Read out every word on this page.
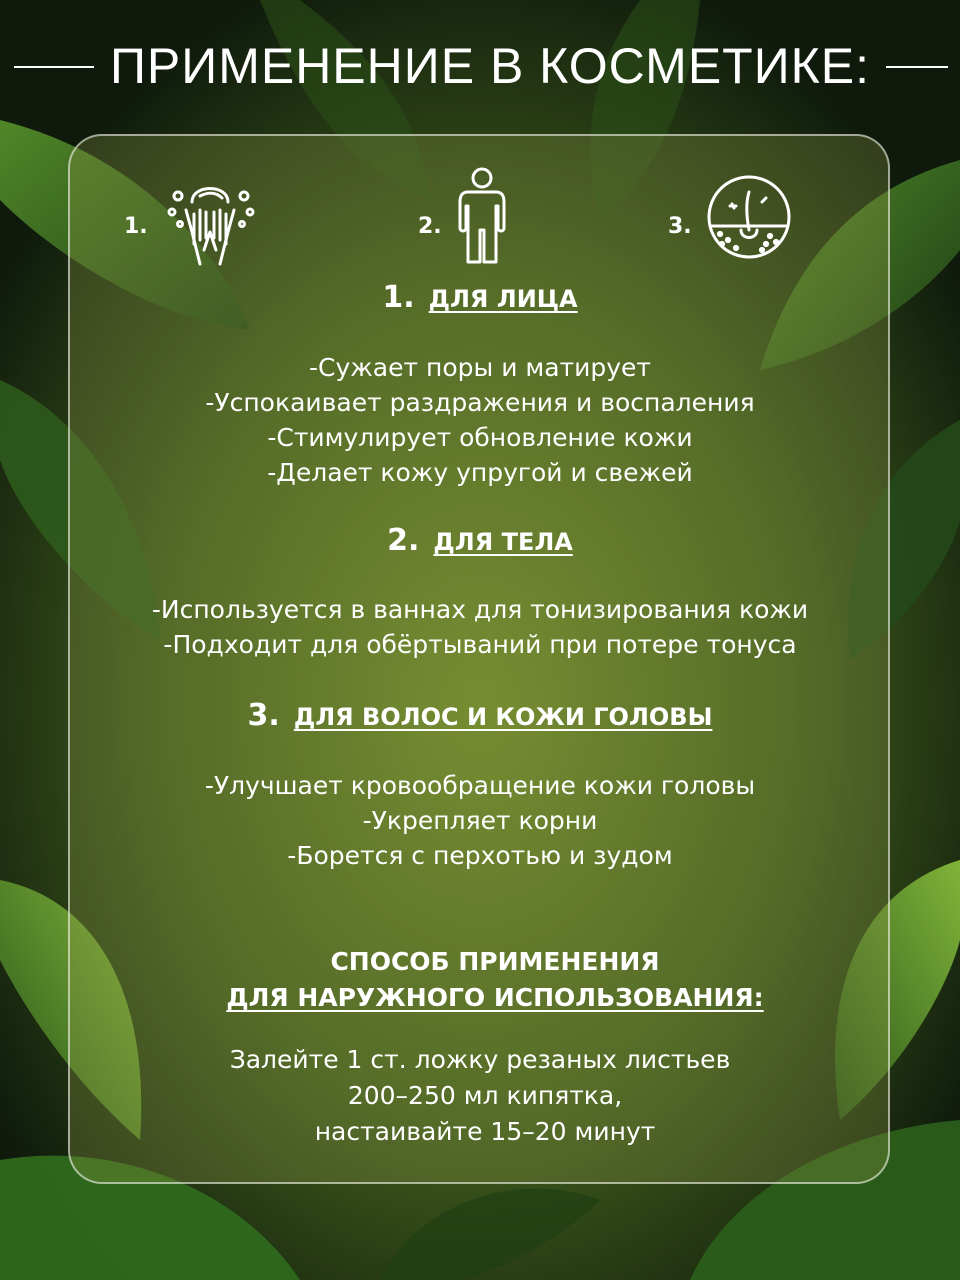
ПРИМЕНЕНИЕ В КОСМЕТИКЕ:
1.	2.	3.
1. ДЛЯ ЛИЦА
-Сужает поры и матирует
-Успокаивает раздражения и воспаления
-Стимулирует обновление кожи
-Делает кожу упругой и свежей
2. ДЛЯ ТЕЛА
-Используется в ваннах для тонизирования кожи
-Подходит для обёртываний при потере тонуса
3. ДЛЯ ВОЛОС И КОЖИ ГОЛОВЫ
-Улучшает кровообращение кожи головы
-Укрепляет корни
-Борется с перхотью и зудом
СПОСОБ ПРИМЕНЕНИЯ
ДЛЯ НАРУЖНОГО ИСПОЛЬЗОВАНИЯ:
Залейте 1 ст. ложку резаных листьев
200–250 мл кипятка,
настаивайте 15–20 минут
